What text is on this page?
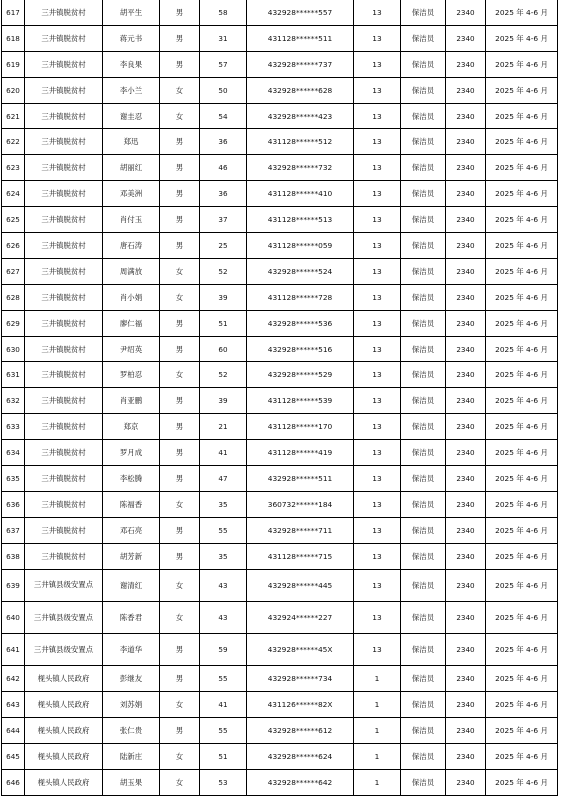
617	三井镇脱贫村	胡平生	男	58	432928******557	13	保洁员	2340	2025 年 4-6 月
618	三井镇脱贫村	蒋元书	男	31	431128******511	13	保洁员	2340	2025 年 4-6 月
619	三井镇脱贫村	李良果	男	57	432928******737	13	保洁员	2340	2025 年 4-6 月
620	三井镇脱贫村	李小兰	女	50	432928******628	13	保洁员	2340	2025 年 4-6 月
621	三井镇脱贫村	谢圭忍	女	54	432928******423	13	保洁员	2340	2025 年 4-6 月
622	三井镇脱贫村	郑迅	男	36	431128******512	13	保洁员	2340	2025 年 4-6 月
623	三井镇脱贫村	胡丽红	男	46	432928******732	13	保洁员	2340	2025 年 4-6 月
624	三井镇脱贫村	邓美洲	男	36	431128******410	13	保洁员	2340	2025 年 4-6 月
625	三井镇脱贫村	肖付玉	男	37	431128******513	13	保洁员	2340	2025 年 4-6 月
626	三井镇脱贫村	唐石涛	男	25	431128******059	13	保洁员	2340	2025 年 4-6 月
627	三井镇脱贫村	周满放	女	52	432928******524	13	保洁员	2340	2025 年 4-6 月
628	三井镇脱贫村	肖小娟	女	39	431128******728	13	保洁员	2340	2025 年 4-6 月
629	三井镇脱贫村	廖仁福	男	51	432928******536	13	保洁员	2340	2025 年 4-6 月
630	三井镇脱贫村	尹绍英	男	60	432928******516	13	保洁员	2340	2025 年 4-6 月
631	三井镇脱贫村	罗柏忍	女	52	432928******529	13	保洁员	2340	2025 年 4-6 月
632	三井镇脱贫村	肖亚鹏	男	39	431128******539	13	保洁员	2340	2025 年 4-6 月
633	三井镇脱贫村	郑京	男	21	431128******170	13	保洁员	2340	2025 年 4-6 月
634	三井镇脱贫村	罗月成	男	41	431128******419	13	保洁员	2340	2025 年 4-6 月
635	三井镇脱贫村	李松腾	男	47	432928******511	13	保洁员	2340	2025 年 4-6 月
636	三井镇脱贫村	陈福香	女	35	360732******184	13	保洁员	2340	2025 年 4-6 月
637	三井镇脱贫村	邓石亮	男	55	432928******711	13	保洁员	2340	2025 年 4-6 月
638	三井镇脱贫村	胡芳新	男	35	431128******715	13	保洁员	2340	2025 年 4-6 月
639	三井镇县级安置点	谢清红	女	43	432928******445	13	保洁员	2340	2025 年 4-6 月
640	三井镇县级安置点	陈香君	女	43	432924******227	13	保洁员	2340	2025 年 4-6 月
641	三井镇县级安置点	李道华	男	59	432928******45X	13	保洁员	2340	2025 年 4-6 月
642	枧头镇人民政府	彭继友	男	55	432928******734	1	保洁员	2340	2025 年 4-6 月
643	枧头镇人民政府	刘苏娟	女	41	431126******82X	1	保洁员	2340	2025 年 4-6 月
644	枧头镇人民政府	张仁贵	男	55	432928******612	1	保洁员	2340	2025 年 4-6 月
645	枧头镇人民政府	陆新庄	女	51	432928******624	1	保洁员	2340	2025 年 4-6 月
646	枧头镇人民政府	胡玉果	女	53	432928******642	1	保洁员	2340	2025 年 4-6 月
